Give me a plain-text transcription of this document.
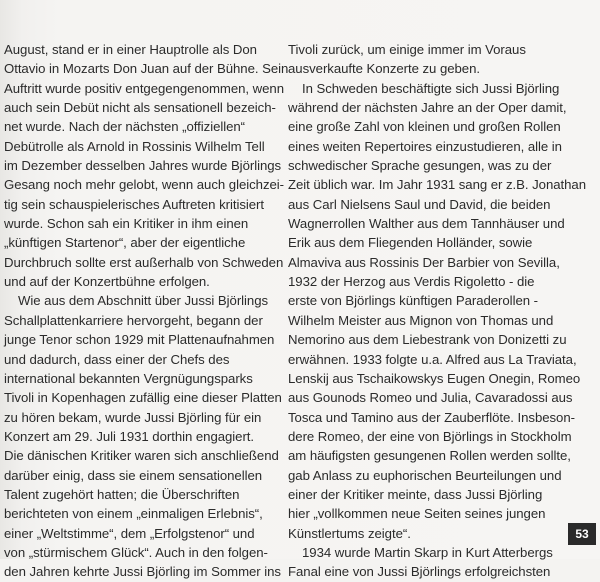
August, stand er in einer Hauptrolle als Don
Ottavio in Mozarts Don Juan auf der Bühne. Sein
Auftritt wurde positiv entgegengenommen, wenn
auch sein Debüt nicht als sensationell bezeich-
net wurde. Nach der nächsten „offiziellen“
Debütrolle als Arnold in Rossinis Wilhelm Tell
im Dezember desselben Jahres wurde Björlings
Gesang noch mehr gelobt, wenn auch gleichzei-
tig sein schauspielerisches Auftreten kritisiert
wurde. Schon sah ein Kritiker in ihm einen
„künftigen Startenor“, aber der eigentliche
Durchbruch sollte erst außerhalb von Schweden
und auf der Konzertbühne erfolgen.
Wie aus dem Abschnitt über Jussi Björlings
Schallplattenkarriere hervorgeht, begann der
junge Tenor schon 1929 mit Plattenaufnahmen
und dadurch, dass einer der Chefs des
international bekannten Vergnügungsparks
Tivoli in Kopenhagen zufällig eine dieser Platten
zu hören bekam, wurde Jussi Björling für ein
Konzert am 29. Juli 1931 dorthin engagiert.
Die dänischen Kritiker waren sich anschließend
darüber einig, dass sie einem sensationellen
Talent zugehört hatten; die Überschriften
berichteten von einem „einmaligen Erlebnis“,
einer „Weltstimme“, dem „Erfolgstenor“ und
von „stürmischem Glück“. Auch in den folgen-
den Jahren kehrte Jussi Björling im Sommer ins
Tivoli zurück, um einige immer im Voraus
ausverkaufte Konzerte zu geben.
In Schweden beschäftigte sich Jussi Björling
während der nächsten Jahre an der Oper damit,
eine große Zahl von kleinen und großen Rollen
eines weiten Repertoires einzustudieren, alle in
schwedischer Sprache gesungen, was zu der
Zeit üblich war. Im Jahr 1931 sang er z.B. Jonathan
aus Carl Nielsens Saul und David, die beiden
Wagnerrollen Walther aus dem Tannhäuser und
Erik aus dem Fliegenden Holländer, sowie
Almaviva aus Rossinis Der Barbier von Sevilla,
1932 der Herzog aus Verdis Rigoletto - die
erste von Björlings künftigen Paraderollen -
Wilhelm Meister aus Mignon von Thomas und
Nemorino aus dem Liebestrank von Donizetti zu
erwähnen. 1933 folgte u.a. Alfred aus La Traviata,
Lenskij aus Tschaikowskys Eugen Onegin, Romeo
aus Gounods Romeo und Julia, Cavaradossi aus
Tosca und Tamino aus der Zauberflöte. Insbeson-
dere Romeo, der eine von Björlings in Stockholm
am häufigsten gesungenen Rollen werden sollte,
gab Anlass zu euphorischen Beurteilungen und
einer der Kritiker meinte, dass Jussi Björling
hier „vollkommen neue Seiten seines jungen
Künstlertums zeigte“.
1934 wurde Martin Skarp in Kurt Atterbergs
Fanal eine von Jussi Björlings erfolgreichsten
53
